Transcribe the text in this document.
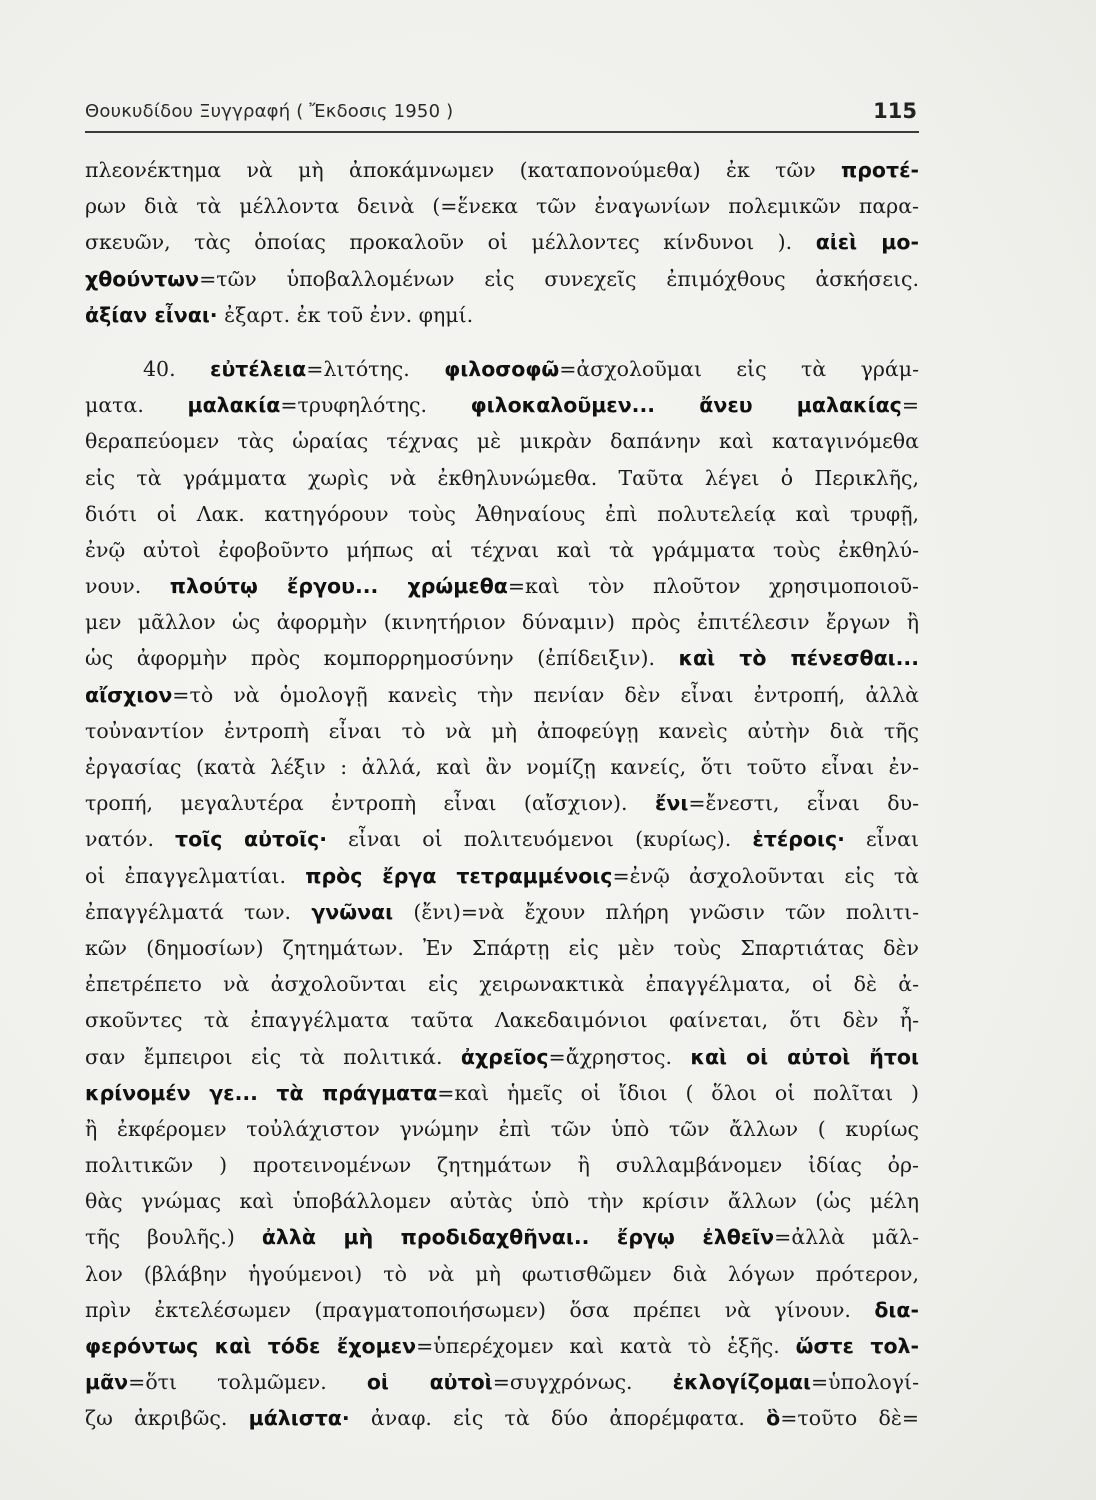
Θουκυδίδου Ξυγγραφή ( Ἔκδοσις 1950 )	115
πλεονέκτημα νὰ μὴ ἀποκάμνωμεν (καταπονούμεθα) ἐκ τῶν προτέ-
ρων διὰ τὰ μέλλοντα δεινὰ (=ἕνεκα τῶν ἐναγωνίων πολεμικῶν παρα-
σκευῶν, τὰς ὁποίας προκαλοῦν οἱ μέλλοντες κίνδυνοι ). αἰεὶ μο-
χθούντων=τῶν ὑποβαλλομένων εἰς συνεχεῖς ἐπιμόχθους ἀσκήσεις.
ἀξίαν εἶναι· ἐξαρτ. ἐκ τοῦ ἐνν. φημί.
40. εὐτέλεια=λιτότης. φιλοσοφῶ=ἀσχολοῦμαι εἰς τὰ γράμ-
ματα. μαλακία=τρυφηλότης. φιλοκαλοῦμεν... ἄνευ μαλακίας=
θεραπεύομεν τὰς ὡραίας τέχνας μὲ μικρὰν δαπάνην καὶ καταγινόμεθα
εἰς τὰ γράμματα χωρὶς νὰ ἐκθηλυνώμεθα. Ταῦτα λέγει ὁ Περικλῆς,
διότι οἱ Λακ. κατηγόρουν τοὺς Ἀθηναίους ἐπὶ πολυτελείᾳ καὶ τρυφῇ,
ἐνῷ αὐτοὶ ἐφοβοῦντο μήπως αἱ τέχναι καὶ τὰ γράμματα τοὺς ἐκθηλύ-
νουν. πλούτῳ ἔργου... χρώμεθα=καὶ τὸν πλοῦτον χρησιμοποιοῦ-
μεν μᾶλλον ὡς ἀφορμὴν (κινητήριον δύναμιν) πρὸς ἐπιτέλεσιν ἔργων ἢ
ὡς ἀφορμὴν πρὸς κομπορρημοσύνην (ἐπίδειξιν). καὶ τὸ πένεσθαι...
αἴσχιον=τὸ νὰ ὁμολογῇ κανεὶς τὴν πενίαν δὲν εἶναι ἐντροπή, ἀλλὰ
τοὐναντίον ἐντροπὴ εἶναι τὸ νὰ μὴ ἀποφεύγῃ κανεὶς αὐτὴν διὰ τῆς
ἐργασίας (κατὰ λέξιν : ἀλλά, καὶ ἂν νομίζῃ κανείς, ὅτι τοῦτο εἶναι ἐν-
τροπή, μεγαλυτέρα ἐντροπὴ εἶναι (αἴσχιον). ἔνι=ἔνεστι, εἶναι δυ-
νατόν. τοῖς αὐτοῖς· εἶναι οἱ πολιτευόμενοι (κυρίως). ἑτέροις· εἶναι
οἱ ἐπαγγελματίαι. πρὸς ἔργα τετραμμένοις=ἐνῷ ἀσχολοῦνται εἰς τὰ
ἐπαγγέλματά των. γνῶναι (ἔνι)=νὰ ἔχουν πλήρη γνῶσιν τῶν πολιτι-
κῶν (δημοσίων) ζητημάτων. Ἐν Σπάρτῃ εἰς μὲν τοὺς Σπαρτιάτας δὲν
ἐπετρέπετο νὰ ἀσχολοῦνται εἰς χειρωνακτικὰ ἐπαγγέλματα, οἱ δὲ ἀ-
σκοῦντες τὰ ἐπαγγέλματα ταῦτα Λακεδαιμόνιοι φαίνεται, ὅτι δὲν ἦ-
σαν ἔμπειροι εἰς τὰ πολιτικά. ἀχρεῖος=ἄχρηστος. καὶ οἱ αὐτοὶ ἤτοι
κρίνομέν γε... τὰ πράγματα=καὶ ἡμεῖς οἱ ἴδιοι ( ὅλοι οἱ πολῖται )
ἢ ἐκφέρομεν τοὐλάχιστον γνώμην ἐπὶ τῶν ὑπὸ τῶν ἄλλων ( κυρίως
πολιτικῶν ) προτεινομένων ζητημάτων ἢ συλλαμβάνομεν ἰδίας ὀρ-
θὰς γνώμας καὶ ὑποβάλλομεν αὐτὰς ὑπὸ τὴν κρίσιν ἄλλων (ὡς μέλη
τῆς βουλῆς.) ἀλλὰ μὴ προδιδαχθῆναι.. ἔργῳ ἐλθεῖν=ἀλλὰ μᾶλ-
λον (βλάβην ἡγούμενοι) τὸ νὰ μὴ φωτισθῶμεν διὰ λόγων πρότερον,
πρὶν ἐκτελέσωμεν (πραγματοποιήσωμεν) ὅσα πρέπει νὰ γίνουν. δια-
φερόντως καὶ τόδε ἔχομεν=ὑπερέχομεν καὶ κατὰ τὸ ἑξῆς. ὥστε τολ-
μᾶν=ὅτι τολμῶμεν. οἱ αὐτοὶ=συγχρόνως. ἐκλογίζομαι=ὑπολογί-
ζω ἀκριβῶς. μάλιστα· ἀναφ. εἰς τὰ δύο ἀπορέμφατα. ὃ=τοῦτο δὲ=
